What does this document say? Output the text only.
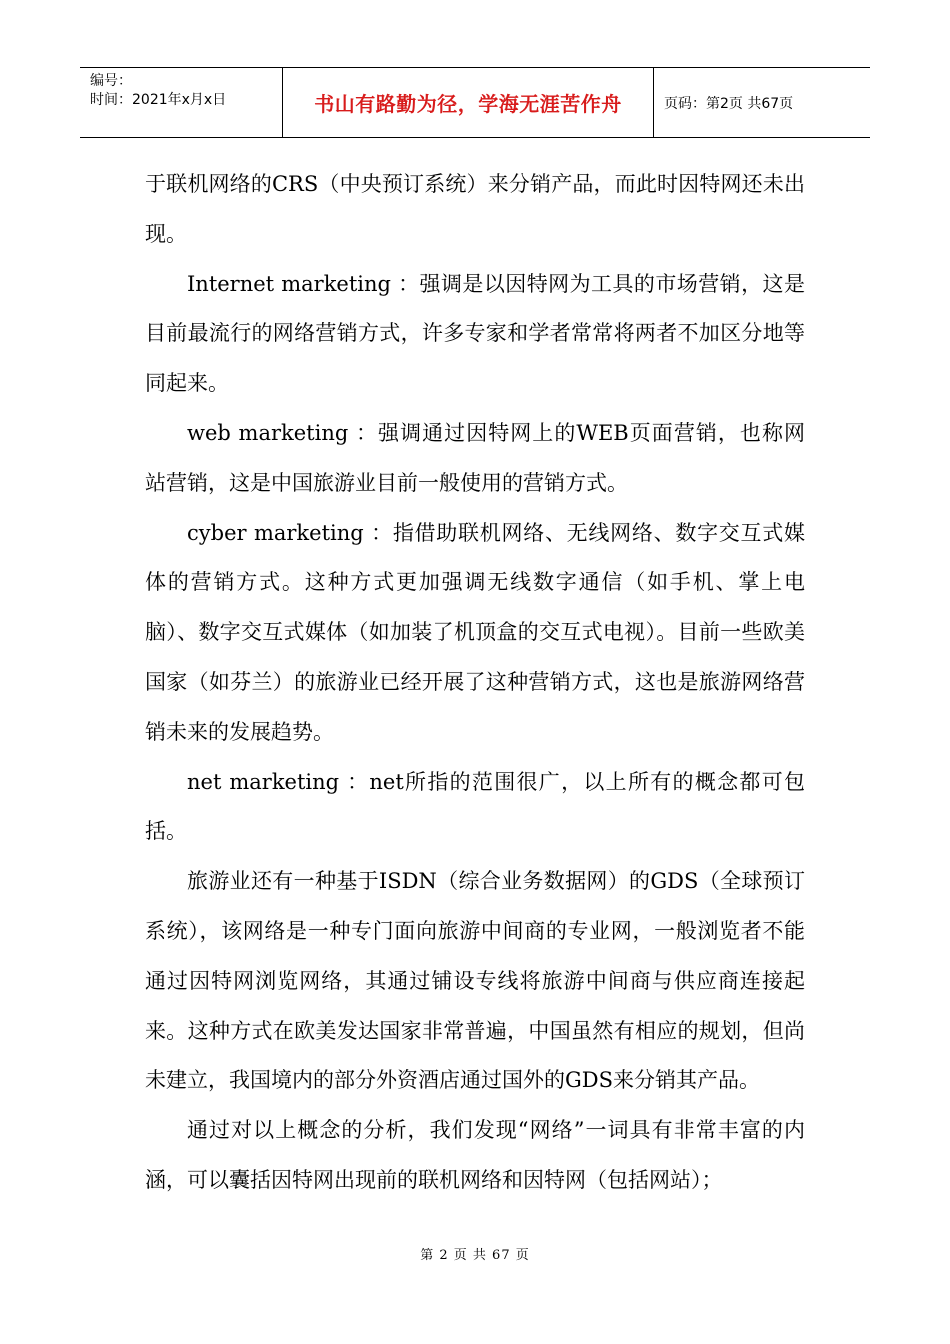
编号：
时间：2021年x月x日	书山有路勤为径，学海无涯苦作舟	页码：第2页 共67页

于联机网络的CRS（中央预订系统）来分销产品，而此时因特网还未出现。

Internet marketing ：强调是以因特网为工具的市场营销，这是目前最流行的网络营销方式，许多专家和学者常常将两者不加区分地等同起来。

web marketing ：强调通过因特网上的WEB页面营销，也称网站营销，这是中国旅游业目前一般使用的营销方式。

cyber marketing ：指借助联机网络、无线网络、数字交互式媒体的营销方式。这种方式更加强调无线数字通信（如手机、掌上电脑）、数字交互式媒体（如加装了机顶盒的交互式电视）。目前一些欧美国家（如芬兰）的旅游业已经开展了这种营销方式，这也是旅游网络营销未来的发展趋势。

net marketing ：net所指的范围很广，以上所有的概念都可包括。

旅游业还有一种基于ISDN（综合业务数据网）的GDS（全球预订系统），该网络是一种专门面向旅游中间商的专业网，一般浏览者不能通过因特网浏览网络，其通过铺设专线将旅游中间商与供应商连接起来。这种方式在欧美发达国家非常普遍，中国虽然有相应的规划，但尚未建立，我国境内的部分外资酒店通过国外的GDS来分销其产品。

通过对以上概念的分析，我们发现“网络”一词具有非常丰富的内涵，可以囊括因特网出现前的联机网络和因特网（包括网站）；

第 2 页 共 67 页
